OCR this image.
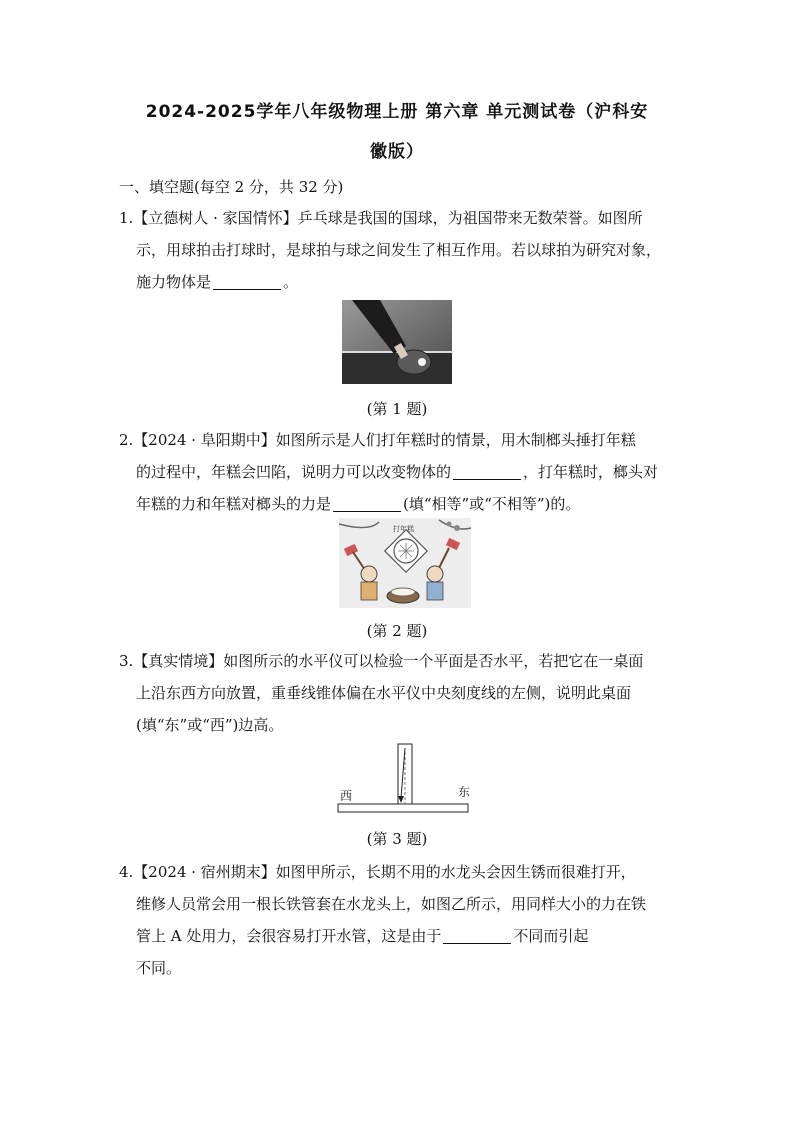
2024-2025学年八年级物理上册 第六章 单元测试卷（沪科安
徽版）
一、填空题(每空 2 分，共 32 分)
1.【立德树人 · 家国情怀】乒乓球是我国的国球，为祖国带来无数荣誉。如图所
示，用球拍击打球时，是球拍与球之间发生了相互作用。若以球拍为研究对象，
施力物体是	。
(第 1 题)
2.【2024 · 阜阳期中】如图所示是人们打年糕时的情景，用木制榔头捶打年糕
的过程中，年糕会凹陷，说明力可以改变物体的	，打年糕时，榔头对
年糕的力和年糕对榔头的力是	(填“相等”或“不相等”)的。
打年糕
(第 2 题)
3.【真实情境】如图所示的水平仪可以检验一个平面是否水平，若把它在一桌面
上沿东西方向放置，重垂线锥体偏在水平仪中央刻度线的左侧，说明此桌面
(填“东”或“西”)边高。
西	东
(第 3 题)
4.【2024 · 宿州期末】如图甲所示，长期不用的水龙头会因生锈而很难打开，
维修人员常会用一根长铁管套在水龙头上，如图乙所示，用同样大小的力在铁
管上 A 处用力，会很容易打开水管，这是由于	不同而引起
不同。
